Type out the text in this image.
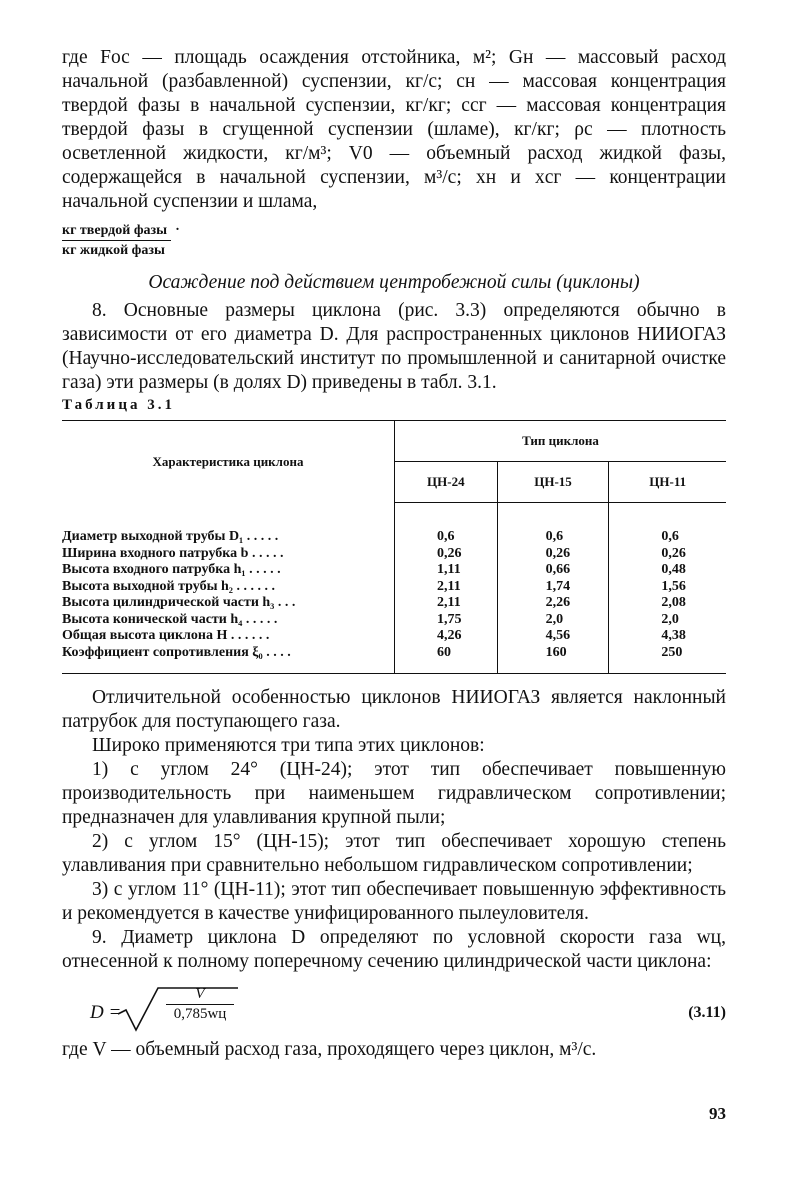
где Fос — площадь осаждения отстойника, м²; Gн — массовый расход начальной (разбавленной) суспензии, кг/с; cн — массовая концентрация твердой фазы в начальной суспензии, кг/кг; cсг — массовая концентрация твердой фазы в сгущенной суспензии (шламе), кг/кг; ρс — плотность осветленной жидкости, кг/м³; V0 — объемный расход жидкой фазы, содержащейся в начальной суспензии, м³/с; xн и xсг — концентрации начальной суспензии и шлама,

$\frac{\text{кг твердой фазы}}{\text{кг жидкой фазы}}$ .
Осаждение под действием центробежной силы (циклоны)

8. Основные размеры циклона (рис. 3.3) определяются обычно в зависимости от его диаметра D. Для распространенных циклонов НИИОГАЗ (Научно-исследовательский институт по промышленной и санитарной очистке газа) эти размеры (в долях D) приведены в табл. 3.1.

Таблица 3.1
Характеристика циклона	Тип циклона		
	ЦН-24	ЦН-15	ЦН-11

Диаметр выходной трубы D₁ . . . . .	0,6	0,6	0,6
Ширина входного патрубка b . . . . .	0,26	0,26	0,26
Высота входного патрубка h₁ . . . . .	1,11	0,66	0,48
Высота выходной трубы h₂ . . . . . .	2,11	1,74	1,56
Высота цилиндрической части h₃ . . .	2,11	2,26	2,08
Высота конической части h₄ . . . . .	1,75	2,0	2,0
Общая высота циклона H . . . . . .	4,26	4,56	4,38
Коэффициент сопротивления ξ₀ . . . .	60	160	250

Отличительной особенностью циклонов НИИОГАЗ является наклонный патрубок для поступающего газа.

Широко применяются три типа этих циклонов:

1) с углом 24° (ЦН-24); этот тип обеспечивает повышенную производительность при наименьшем гидравлическом сопротивлении; предназначен для улавливания крупной пыли;

2) с углом 15° (ЦН-15); этот тип обеспечивает хорошую степень улавливания при сравнительно небольшом гидравлическом сопротивлении;

3) с углом 11° (ЦН-11); этот тип обеспечивает повышенную эффективность и рекомендуется в качестве унифицированного пылеуловителя.

9. Диаметр циклона D определяют по условной скорости газа wц, отнесенной к полному поперечному сечению цилиндрической части циклона:

D =
V
0,785wц	(3.11)

где V — объемный расход газа, проходящего через циклон, м³/с.

93
